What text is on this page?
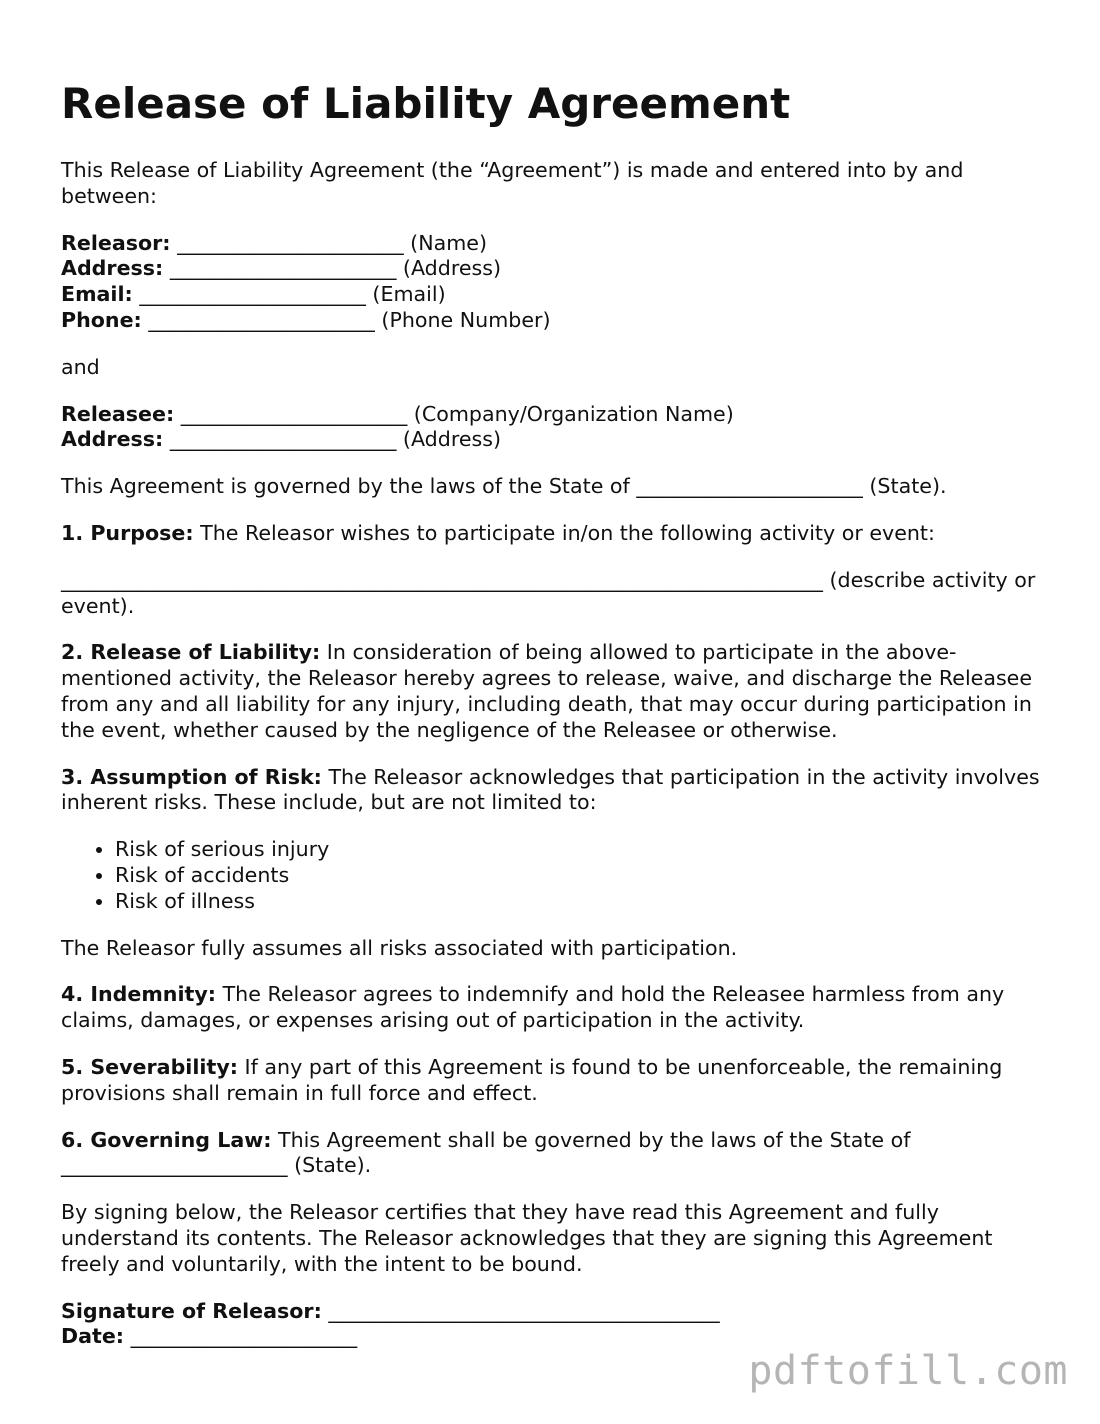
Release of Liability Agreement

This Release of Liability Agreement (the “Agreement”) is made and entered into by and between:

Releasor: ______________________ (Name)
Address: ______________________ (Address)
Email: ______________________ (Email)
Phone: ______________________ (Phone Number)

and

Releasee: ______________________ (Company/Organization Name)
Address: ______________________ (Address)

This Agreement is governed by the laws of the State of ______________________ (State).

1. Purpose: The Releasor wishes to participate in/on the following activity or event:

__________________________________________________________________________ (describe activity or event).

2. Release of Liability: In consideration of being allowed to participate in the above-mentioned activity, the Releasor hereby agrees to release, waive, and discharge the Releasee from any and all liability for any injury, including death, that may occur during participation in the event, whether caused by the negligence of the Releasee or otherwise.

3. Assumption of Risk: The Releasor acknowledges that participation in the activity involves inherent risks. These include, but are not limited to:

• Risk of serious injury
• Risk of accidents
• Risk of illness

The Releasor fully assumes all risks associated with participation.

4. Indemnity: The Releasor agrees to indemnify and hold the Releasee harmless from any claims, damages, or expenses arising out of participation in the activity.

5. Severability: If any part of this Agreement is found to be unenforceable, the remaining provisions shall remain in full force and effect.

6. Governing Law: This Agreement shall be governed by the laws of the State of ______________________ (State).

By signing below, the Releasor certifies that they have read this Agreement and fully understand its contents. The Releasor acknowledges that they are signing this Agreement freely and voluntarily, with the intent to be bound.

Signature of Releasor: ______________________________________
Date: ______________________
pdftofill.com
